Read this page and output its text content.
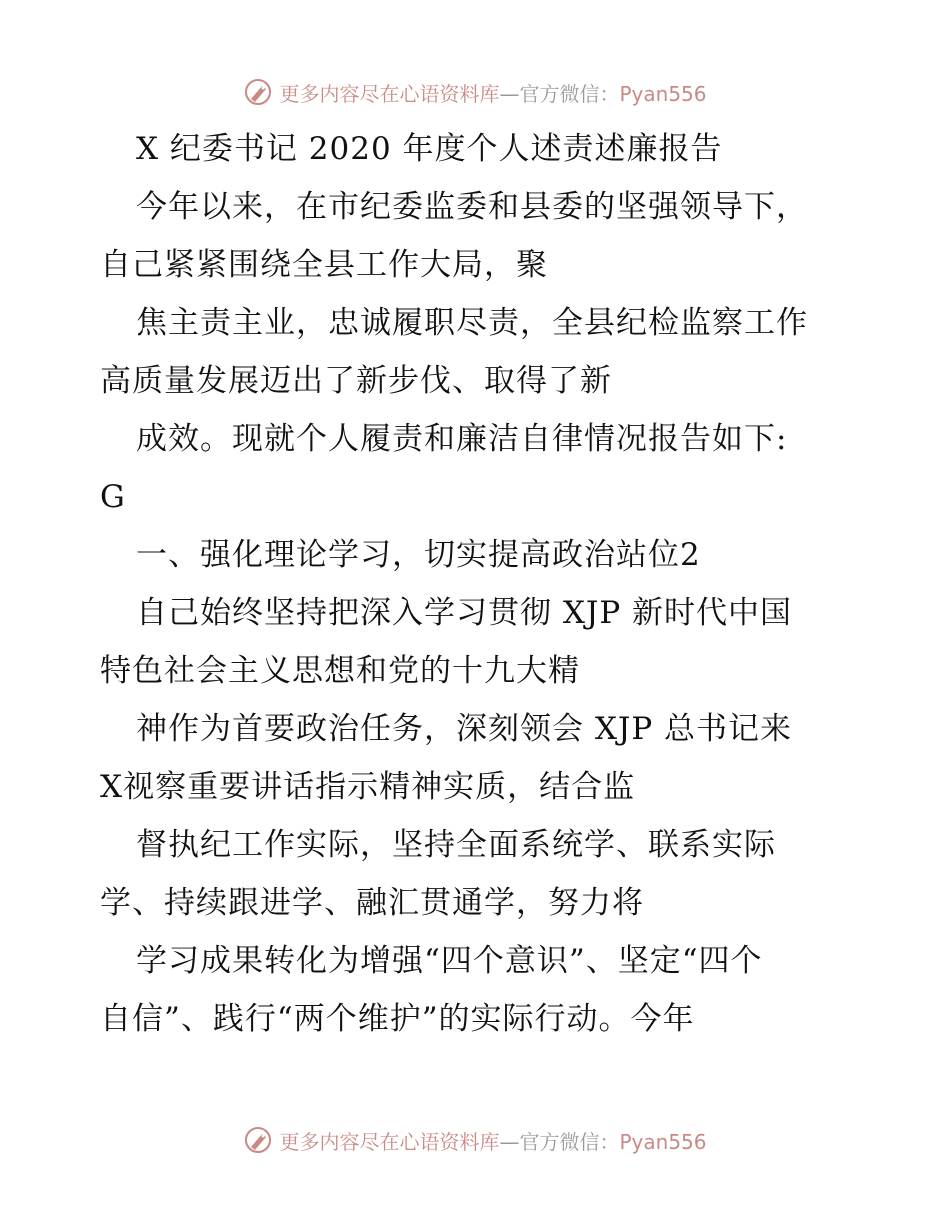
更多内容尽在心语资料库—官方微信：Pyan556
X 纪委书记 2020 年度个人述责述廉报告
今年以来，在市纪委监委和县委的坚强领导下，
自己紧紧围绕全县工作大局，聚
焦主责主业，忠诚履职尽责，全县纪检监察工作
高质量发展迈出了新步伐、取得了新
成效。现就个人履责和廉洁自律情况报告如下:
G
一、强化理论学习，切实提高政治站位2
自己始终坚持把深入学习贯彻 XJP 新时代中国
特色社会主义思想和党的十九大精
神作为首要政治任务，深刻领会 XJP 总书记来
X视察重要讲话指示精神实质，结合监
督执纪工作实际，坚持全面系统学、联系实际
学、持续跟进学、融汇贯通学，努力将
学习成果转化为增强“四个意识”、坚定“四个
自信”、践行“两个维护”的实际行动。今年
更多内容尽在心语资料库—官方微信：Pyan556
